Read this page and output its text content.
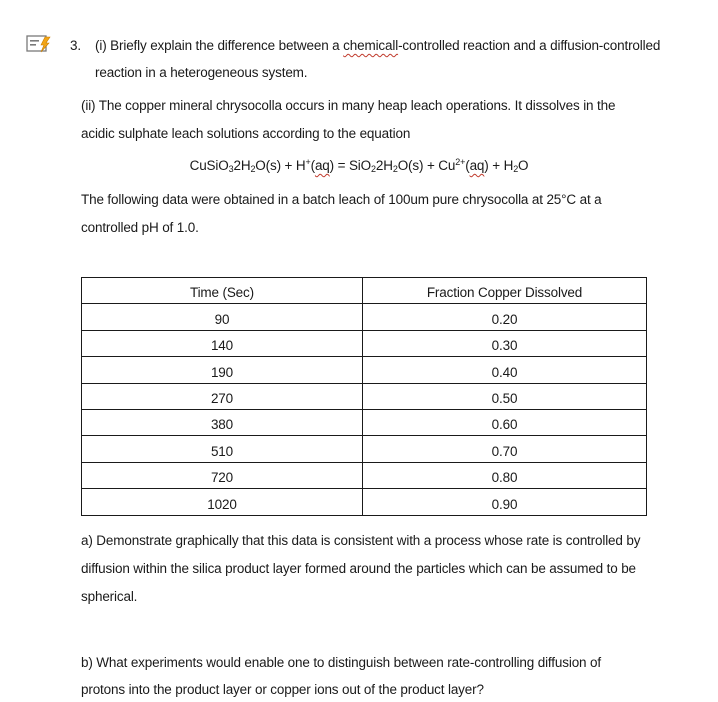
3. (i) Briefly explain the difference between a chemicall-controlled reaction and a diffusion-controlled
reaction in a heterogeneous system.
(ii) The copper mineral chrysocolla occurs in many heap leach operations. It dissolves in the
acidic sulphate leach solutions according to the equation
$CuSiO_32H_2O(s) + H^+(aq) = SiO_22H_2O(s) + Cu^{2+}(aq) + H_2O$
The following data were obtained in a batch leach of 100um pure chrysocolla at 25°C at a
controlled pH of 1.0.
Time (Sec)	Fraction Copper Dissolved
90	0.20
140	0.30
190	0.40
270	0.50
380	0.60
510	0.70
720	0.80
1020	0.90
a) Demonstrate graphically that this data is consistent with a process whose rate is controlled by
diffusion within the silica product layer formed around the particles which can be assumed to be
spherical.
b) What experiments would enable one to distinguish between rate-controlling diffusion of
protons into the product layer or copper ions out of the product layer?
